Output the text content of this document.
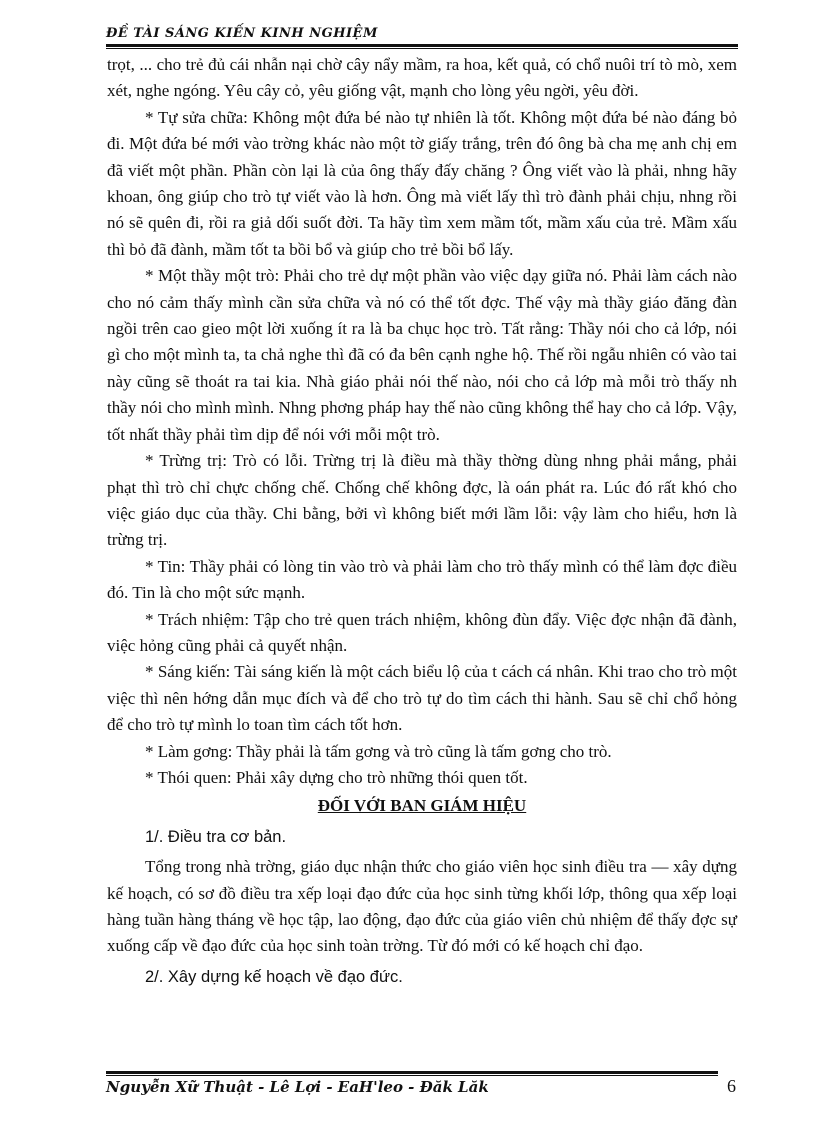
ĐỀ TÀI SÁNG KIẾN KINH NGHIỆM

trọt, ... cho trẻ đủ cái nhẫn nại chờ cây nẩy mầm, ra hoa, kết quả, có chổ nuôi trí tò mò, xem xét, nghe ngóng. Yêu cây cỏ, yêu giống vật, mạnh cho lòng yêu ngời, yêu đời.

* Tự sửa chữa: Không một đứa bé nào tự nhiên là tốt. Không một đứa bé nào đáng bỏ đi. Một đứa bé mới vào trờng khác nào một tờ giấy trắng, trên đó ông bà cha mẹ anh chị em đã viết một phần. Phần còn lại là của ông thấy đấy chăng ? Ông viết vào là phải, nhng hãy khoan, ông giúp cho trò tự viết vào là hơn. Ông mà viết lấy thì trò đành phải chịu, nhng rồi nó sẽ quên đi, rồi ra giả dối suốt đời. Ta hãy tìm xem mầm tốt, mầm xấu của trẻ. Mầm xấu thì bỏ đã đành, mầm tốt ta bồi bổ và giúp cho trẻ bồi bổ lấy.

* Một thầy một trò: Phải cho trẻ dự một phần vào việc dạy giữa nó. Phải làm cách nào cho nó cảm thấy mình cần sửa chữa và nó có thể tốt đợc. Thế vậy mà thầy giáo đăng đàn ngồi trên cao gieo một lời xuống ít ra là ba chục học trò. Tất rằng: Thầy nói cho cả lớp, nói gì cho một mình ta, ta chả nghe thì đã có đa bên cạnh nghe hộ. Thế rồi ngẫu nhiên có vào tai này cũng sẽ thoát ra tai kia. Nhà giáo phải nói thế nào, nói cho cả lớp mà mỗi trò thấy nh thầy nói cho mình mình. Nhng phơng pháp hay thế nào cũng không thể hay cho cả lớp. Vậy, tốt nhất thầy phải tìm dịp để nói với mỗi một trò.

* Trừng trị: Trò có lỗi. Trừng trị là điều mà thầy thờng dùng nhng phải mắng, phải phạt thì trò chỉ chực chống chế. Chống chế không đợc, là oán phát ra. Lúc đó rất khó cho việc giáo dục của thầy. Chi bằng, bởi vì không biết mới lầm lỗi: vậy làm cho hiểu, hơn là trừng trị.

* Tin: Thầy phải có lòng tin vào trò và phải làm cho trò thấy mình có thể làm đợc điều đó. Tin là cho một sức mạnh.

* Trách nhiệm: Tập cho trẻ quen trách nhiệm, không đùn đẩy. Việc đợc nhận đã đành, việc hỏng cũng phải cả quyết nhận.

* Sáng kiến: Tài sáng kiến là một cách biểu lộ của t cách cá nhân. Khi trao cho trò một việc thì nên hớng dẫn mục đích và để cho trò tự do tìm cách thi hành. Sau sẽ chỉ chổ hỏng để cho trò tự mình lo toan tìm cách tốt hơn.

* Làm gơng: Thầy phải là tấm gơng và trò cũng là tấm gơng cho trò.

* Thói quen: Phải xây dựng cho trò những thói quen tốt.

ĐỐI VỚI BAN GIÁM HIỆU

1/. Điều tra cơ bản.

Tổng trong nhà trờng, giáo dục nhận thức cho giáo viên học sinh điều tra — xây dựng kế hoạch, có sơ đồ điều tra xếp loại đạo đức của học sinh từng khối lớp, thông qua xếp loại hàng tuần hàng tháng về học tập, lao động, đạo đức của giáo viên chủ nhiệm để thấy đợc sự xuống cấp về đạo đức của học sinh toàn trờng. Từ đó mới có kế hoạch chỉ đạo.

2/. Xây dựng kế hoạch về đạo đức.

Nguyễn Xữ Thuật - Lê Lợi - EaH'leo - Đăk Lăk	6
